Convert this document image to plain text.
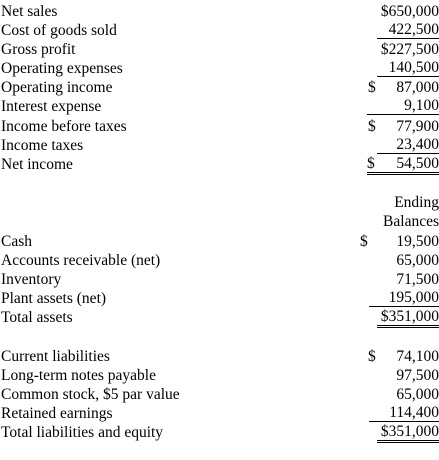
Net sales	$650,000
Cost of goods sold	422,500
Gross profit	$227,500
Operating expenses	140,500
Operating income	$	87,000
Interest expense	9,100
Income before taxes	$	77,900
Income taxes	23,400
Net income	$ 54,500
Ending
Balances
Cash	$	19,500
Accounts receivable (net)	65,000
Inventory	71,500
Plant assets (net)	195,000
Total assets	$351,000
Current liabilities	$	74,100
Long-term notes payable	97,500
Common stock, $5 par value	65,000
Retained earnings	114,400
Total liabilities and equity	$351,000
